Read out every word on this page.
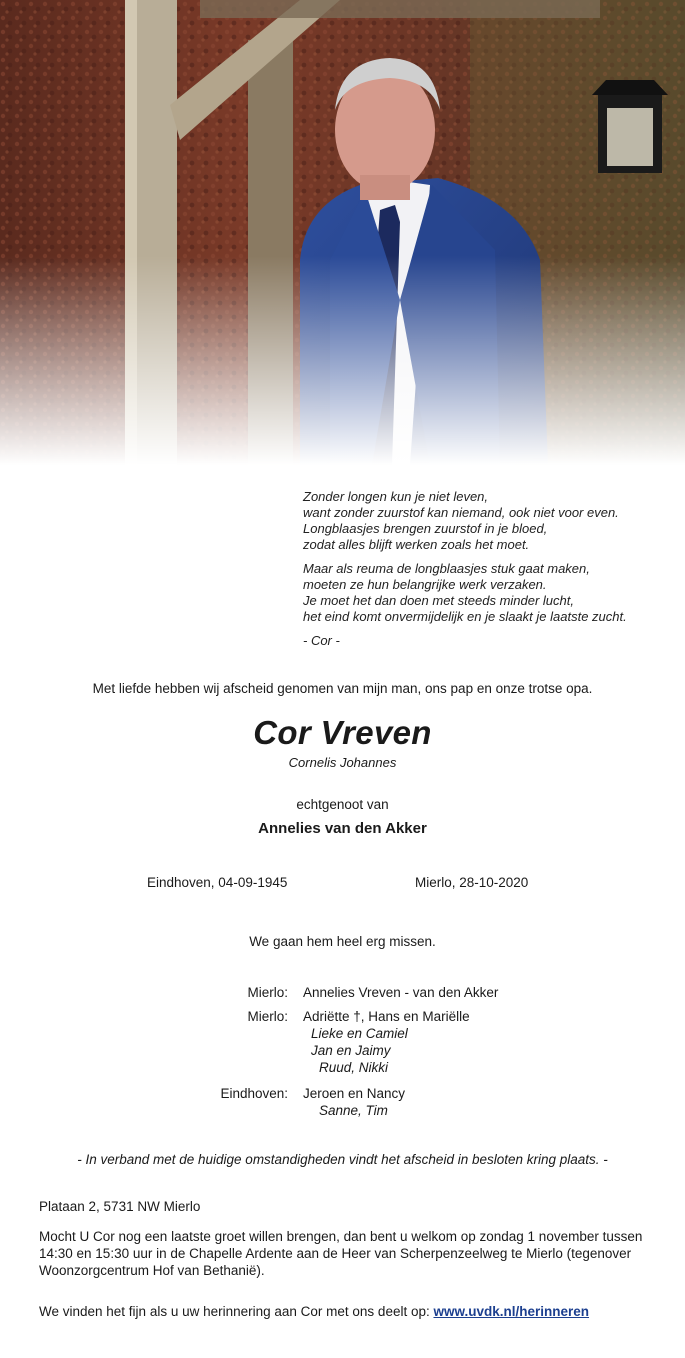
Zonder longen kun je niet leven,
want zonder zuurstof kan niemand, ook niet voor even.
Longblaasjes brengen zuurstof in je bloed,
zodat alles blijft werken zoals het moet.
Maar als reuma de longblaasjes stuk gaat maken,
moeten ze hun belangrijke werk verzaken.
Je moet het dan doen met steeds minder lucht,
het eind komt onvermijdelijk en je slaakt je laatste zucht.
- Cor -
Met liefde hebben wij afscheid genomen van mijn man, ons pap en onze trotse opa.
Cor Vreven
Cornelis Johannes
echtgenoot van
Annelies van den Akker
Eindhoven, 04-09-1945	Mierlo, 28-10-2020
We gaan hem heel erg missen.
Mierlo: Annelies Vreven - van den Akker
Mierlo: Adriëtte †, Hans en Mariëlle
Lieke en Camiel
Jan en Jaimy
Ruud, Nikki
Eindhoven: Jeroen en Nancy
Sanne, Tim
- In verband met de huidige omstandigheden vindt het afscheid in besloten kring plaats. -
Plataan 2, 5731 NW Mierlo
Mocht U Cor nog een laatste groet willen brengen, dan bent u welkom op zondag 1 november tussen 14:30 en 15:30 uur in de Chapelle Ardente aan de Heer van Scherpenzeelweg te Mierlo (tegenover Woonzorgcentrum Hof van Bethanië).
We vinden het fijn als u uw herinnering aan Cor met ons deelt op: www.uvdk.nl/herinneren
